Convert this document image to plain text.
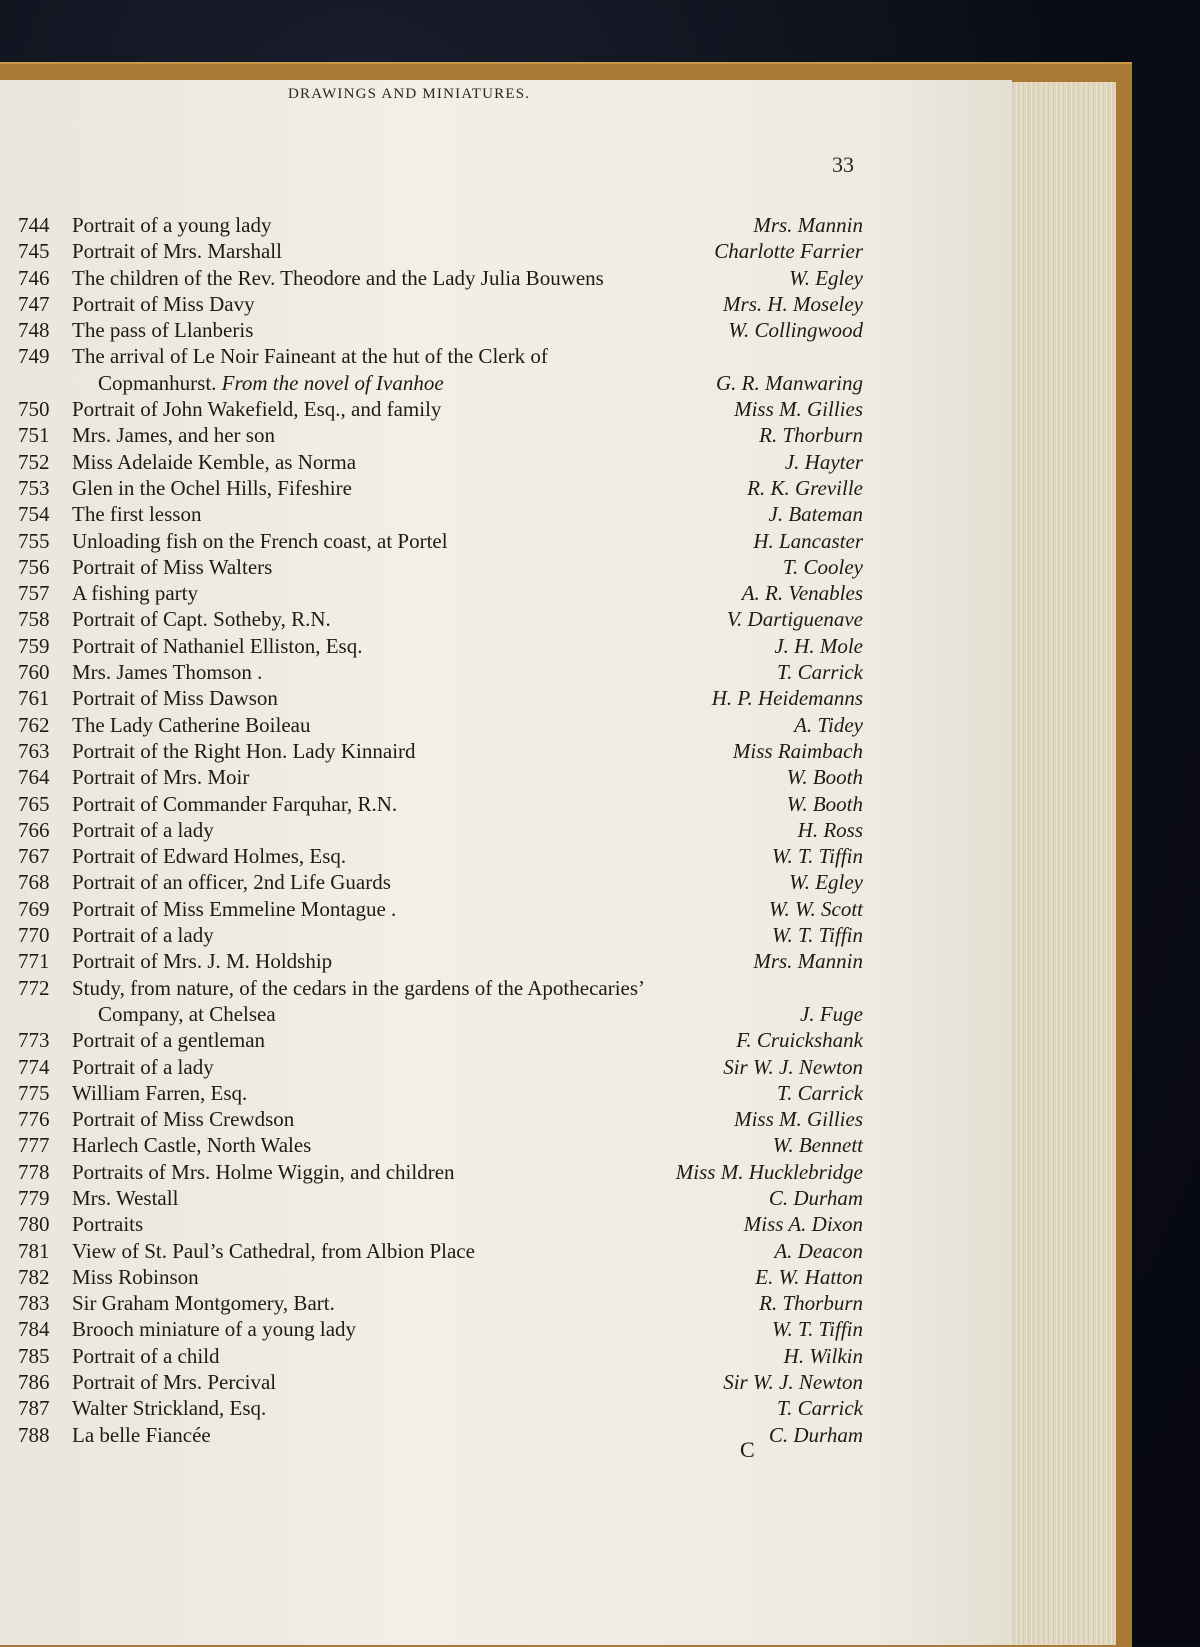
DRAWINGS AND MINIATURES.
33
744	Portrait of a young lady	Mrs. Mannin
745	Portrait of Mrs. Marshall	Charlotte Farrier
746	The children of the Rev. Theodore and the Lady Julia Bouwens	W. Egley
747	Portrait of Miss Davy	Mrs. H. Moseley
748	The pass of Llanberis	W. Collingwood
749	The arrival of Le Noir Faineant at the hut of the Clerk of
Copmanhurst. From the novel of Ivanhoe	G. R. Manwaring
750	Portrait of John Wakefield, Esq., and family	Miss M. Gillies
751	Mrs. James, and her son	R. Thorburn
752	Miss Adelaide Kemble, as Norma	J. Hayter
753	Glen in the Ochel Hills, Fifeshire	R. K. Greville
754	The first lesson	J. Bateman
755	Unloading fish on the French coast, at Portel	H. Lancaster
756	Portrait of Miss Walters	T. Cooley
757	A fishing party	A. R. Venables
758	Portrait of Capt. Sotheby, R.N.	V. Dartiguenave
759	Portrait of Nathaniel Elliston, Esq.	J. H. Mole
760	Mrs. James Thomson .	T. Carrick
761	Portrait of Miss Dawson	H. P. Heidemanns
762	The Lady Catherine Boileau	A. Tidey
763	Portrait of the Right Hon. Lady Kinnaird	Miss Raimbach
764	Portrait of Mrs. Moir	W. Booth
765	Portrait of Commander Farquhar, R.N.	W. Booth
766	Portrait of a lady	H. Ross
767	Portrait of Edward Holmes, Esq.	W. T. Tiffin
768	Portrait of an officer, 2nd Life Guards	W. Egley
769	Portrait of Miss Emmeline Montague .	W. W. Scott
770	Portrait of a lady	W. T. Tiffin
771	Portrait of Mrs. J. M. Holdship	Mrs. Mannin
772	Study, from nature, of the cedars in the gardens of the Apothecaries’
Company, at Chelsea	J. Fuge
773	Portrait of a gentleman	F. Cruickshank
774	Portrait of a lady	Sir W. J. Newton
775	William Farren, Esq.	T. Carrick
776	Portrait of Miss Crewdson	Miss M. Gillies
777	Harlech Castle, North Wales	W. Bennett
778	Portraits of Mrs. Holme Wiggin, and children	Miss M. Hucklebridge
779	Mrs. Westall	C. Durham
780	Portraits	Miss A. Dixon
781	View of St. Paul’s Cathedral, from Albion Place	A. Deacon
782	Miss Robinson	E. W. Hatton
783	Sir Graham Montgomery, Bart.	R. Thorburn
784	Brooch miniature of a young lady	W. T. Tiffin
785	Portrait of a child	H. Wilkin
786	Portrait of Mrs. Percival	Sir W. J. Newton
787	Walter Strickland, Esq.	T. Carrick
788	La belle Fiancée	C. Durham
C
